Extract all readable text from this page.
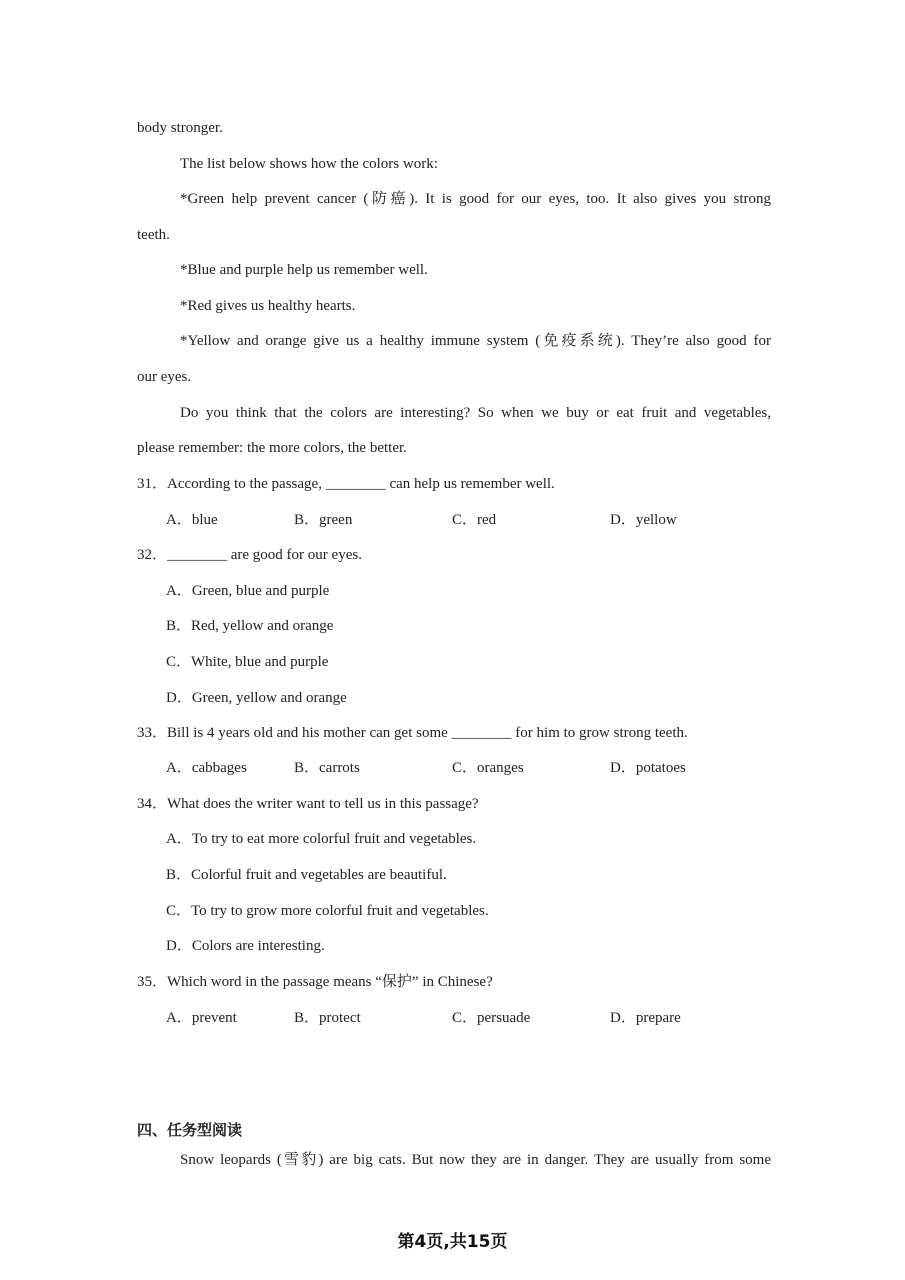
body stronger.
The list below shows how the colors work:
*Green help prevent cancer (防癌). It is good for our eyes, too. It also gives you strong
teeth.
*Blue and purple help us remember well.
*Red gives us healthy hearts.
*Yellow and orange give us a healthy immune system (免疫系统). They’re also good for
our eyes.
Do you think that the colors are interesting? So when we buy or eat fruit and vegetables,
please remember: the more colors, the better.
31．According to the passage, ________ can help us remember well.
A．blue	B．green	C．red	D．yellow
32．________ are good for our eyes.
A．Green, blue and purple
B．Red, yellow and orange
C．White, blue and purple
D．Green, yellow and orange
33．Bill is 4 years old and his mother can get some ________ for him to grow strong teeth.
A．cabbages	B．carrots	C．oranges	D．potatoes
34．What does the writer want to tell us in this passage?
A．To try to eat more colorful fruit and vegetables.
B．Colorful fruit and vegetables are beautiful.
C．To try to grow more colorful fruit and vegetables.
D．Colors are interesting.
35．Which word in the passage means “保护” in Chinese?
A．prevent	B．protect	C．persuade	D．prepare
四、任务型阅读
Snow leopards (雪豹) are big cats. But now they are in danger. They are usually from some
第4页,共15页
